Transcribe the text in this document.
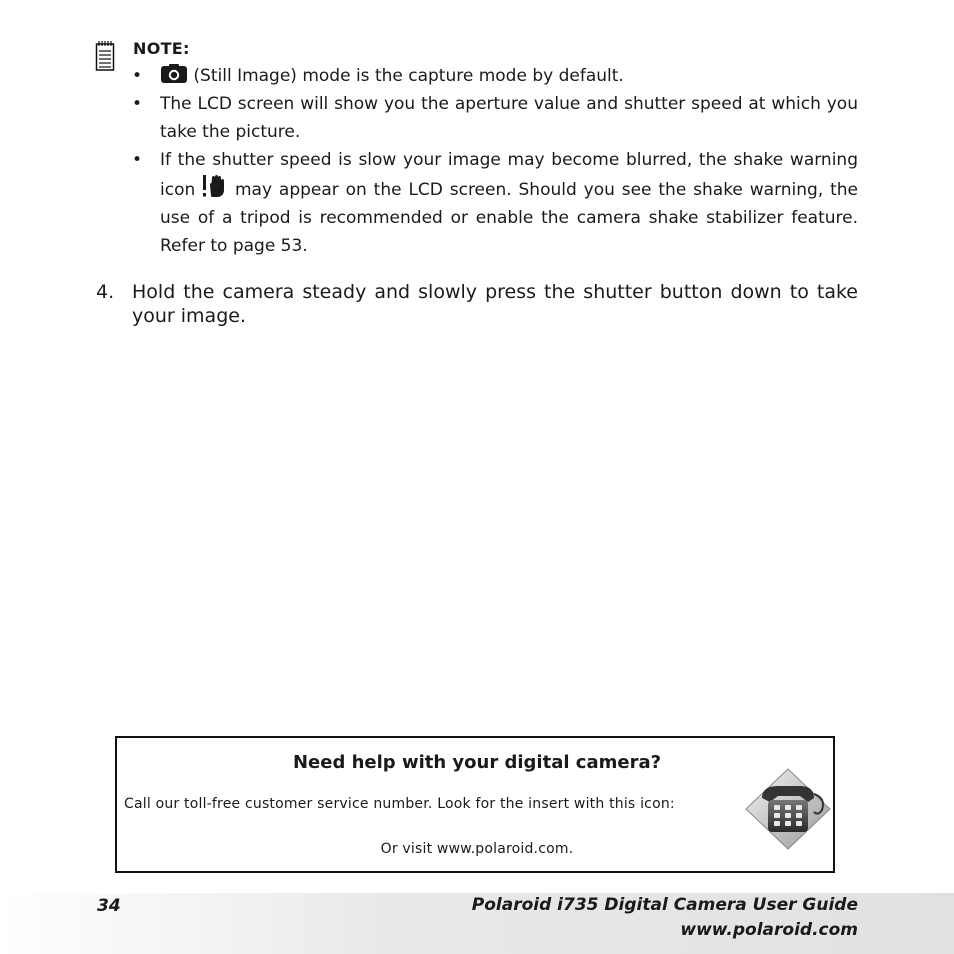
NOTE:
•	(Still Image) mode is the capture mode by default.
• The LCD screen will show you the aperture value and shutter speed at which you take the picture.
• If the shutter speed is slow your image may become blurred, the shake warning icon may appear on the LCD screen. Should you see the shake warning, the use of a tripod is recommended or enable the camera shake stabilizer feature. Refer to page 53.
4. Hold the camera steady and slowly press the shutter button down to take your image.
Need help with your digital camera?
Call our toll-free customer service number. Look for the insert with this icon:
Or visit www.polaroid.com.
34	Polaroid i735 Digital Camera User Guide
www.polaroid.com
